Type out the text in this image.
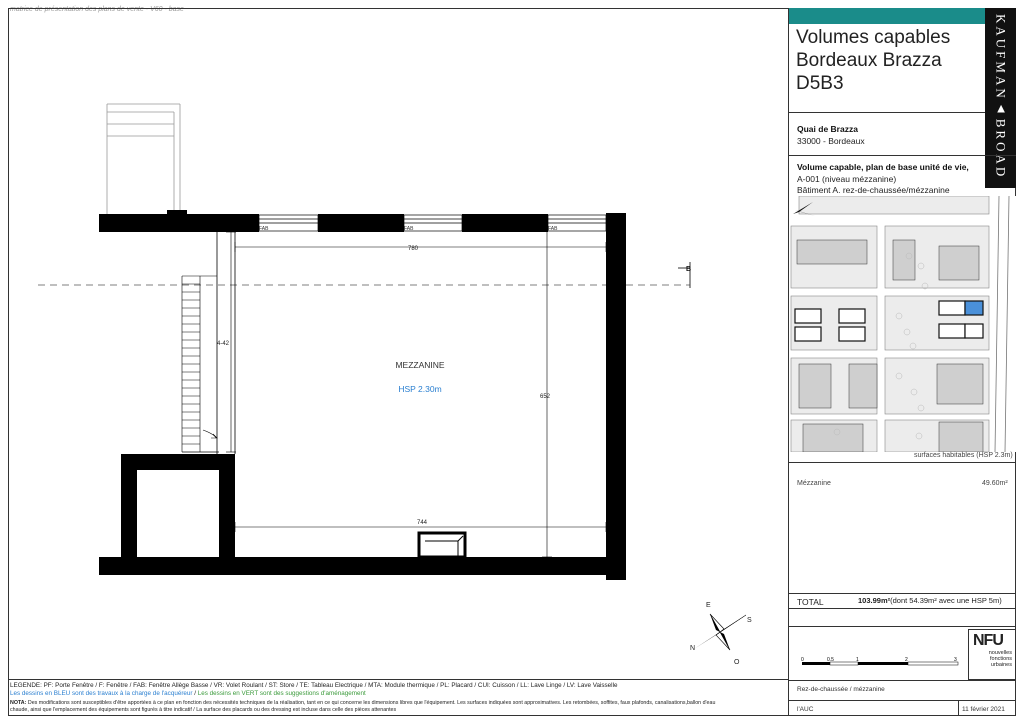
matrice de présentation des plans de vente - V60 - base
FAB	FAB	FAB
780
4-42
652
744
MEZZANINE
HSP 2.30m
B
E
S
N
O
LEGENDE: PF: Porte Fenêtre / F: Fenêtre / FAB: Fenêtre Allège Basse / VR: Volet Roulant / ST: Store / TE: Tableau Electrique / MTA: Module thermique / PL: Placard / CUI: Cuisson / LL: Lave Linge / LV: Lave Vaisselle
Les dessins en BLEU sont des travaux à la charge de l'acquéreur / Les dessins en VERT sont des suggestions d'aménagement
NOTA: Des modifications sont susceptibles d'être apportées à ce plan en fonction des nécessités techniques de la réalisation, tant en ce qui concerne les dimensions libres que l'équipement. Les surfaces indiquées sont approximatives. Les retombées, soffites, faux plafonds, canalisations,ballon d'eau
chaude, ainsi que l'emplacement des équipements sont figurés à titre indicatif / La surface des placards ou des dressing est incluse dans celle des pièces attenantes
KAUFMAN▲BROAD
Volumes capables
Bordeaux Brazza
D5B3
Quai de Brazza
33000 - Bordeaux
Volume capable, plan de base unité de vie,
A-001 (niveau mézzanine)
Bâtiment A. rez-de-chaussée/mézzanine
surfaces habitables (HSP 2.3m)
Mézzanine	49.60m²
TOTAL	103.99m²(dont 54.39m² avec une HSP 5m)
0	0.5	1	2	3
NFU
nouvelles
fonctions
urbaines
Rez-de-chaussée / mézzanine
l'AUC	11 février 2021
